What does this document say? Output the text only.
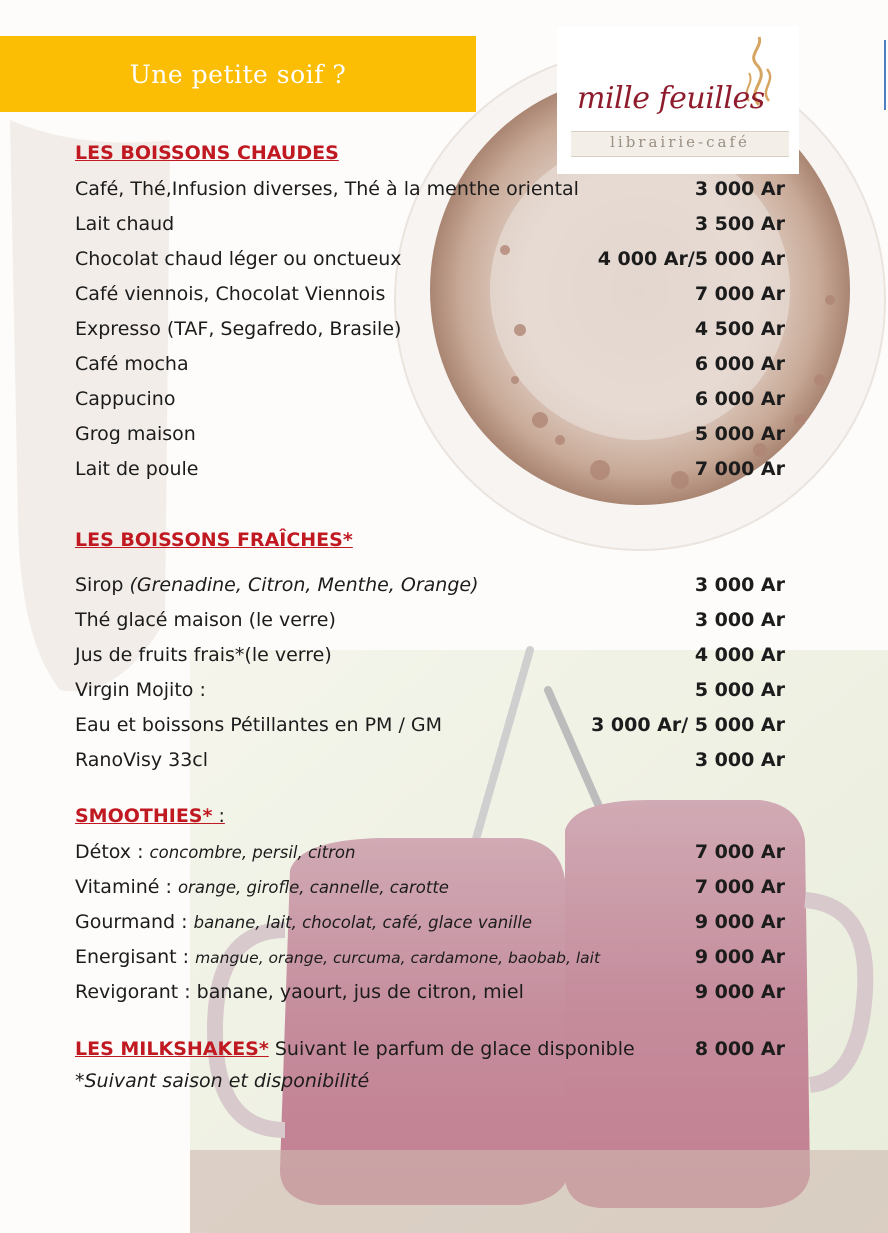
Une petite soif ?
mille feuilles
librairie-café
LES BOISSONS CHAUDES
Café, Thé,Infusion diverses, Thé à la menthe oriental	3 000 Ar
Lait chaud	3 500 Ar
Chocolat chaud léger ou onctueux	4 000 Ar/5 000 Ar
Café viennois, Chocolat Viennois	7 000 Ar
Expresso (TAF, Segafredo, Brasile)	4 500 Ar
Café mocha	6 000 Ar
Cappucino	6 000 Ar
Grog maison	5 000 Ar
Lait de poule	7 000 Ar
LES BOISSONS FRAÎCHES*
Sirop (Grenadine, Citron, Menthe, Orange)	3 000 Ar
Thé glacé maison (le verre)	3 000 Ar
Jus de fruits frais*(le verre)	4 000 Ar
Virgin Mojito :	5 000 Ar
Eau et boissons Pétillantes en PM / GM	3 000 Ar/ 5 000 Ar
RanoVisy 33cl	3 000 Ar
SMOOTHIES* :
Détox : concombre, persil, citron	7 000 Ar
Vitaminé : orange, girofle, cannelle, carotte	7 000 Ar
Gourmand : banane, lait, chocolat, café, glace vanille	9 000 Ar
Energisant : mangue, orange, curcuma, cardamone, baobab, lait	9 000 Ar
Revigorant : banane, yaourt, jus de citron, miel	9 000 Ar
LES MILKSHAKES* Suivant le parfum de glace disponible	8 000 Ar
*Suivant saison et disponibilité
